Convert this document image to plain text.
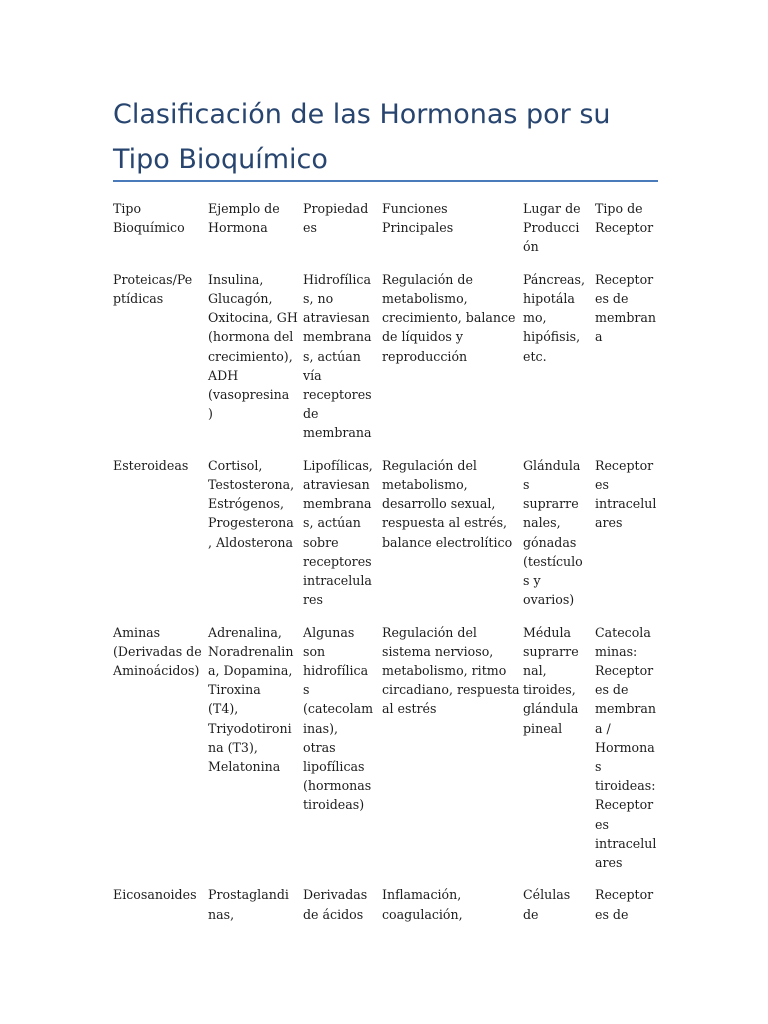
Clasificación de las Hormonas por su
Tipo Bioquímico
Tipo
Bioquímico
Ejemplo de
Hormona
Propiedad
es
Funciones
Principales
Lugar de
Producci
ón
Tipo de
Receptor
Proteicas/Pe
ptídicas
Insulina,
Glucagón,
Oxitocina, GH
(hormona del
crecimiento),
ADH
(vasopresina
)
Hidrofílica
s, no
atraviesan
membrana
s, actúan
vía
receptores
de
membrana
Regulación de
metabolismo,
crecimiento, balance
de líquidos y
reproducción
Páncreas,
hipotála
mo,
hipófisis,
etc.
Receptor
es de
membran
a
Esteroideas Cortisol,
Testosterona,
Estrógenos,
Progesterona
, Aldosterona
Lipofílicas,
atraviesan
membrana
s, actúan
sobre
receptores
intracelula
res
Regulación del
metabolismo,
desarrollo sexual,
respuesta al estrés,
balance electrolítico
Glándula
s
suprarre
nales,
gónadas
(testículo
s y
ovarios)
Receptor
es
intracelul
ares
Aminas
(Derivadas de
Aminoácidos)
Adrenalina,
Noradrenalin
a, Dopamina,
Tiroxina
(T4),
Triyodotironi
na (T3),
Melatonina
Algunas
son
hidrofílica
s
(catecolam
inas),
otras
lipofílicas
(hormonas
tiroideas)
Regulación del
sistema nervioso,
metabolismo, ritmo
circadiano, respuesta
al estrés
Médula
suprarre
nal,
tiroides,
glándula
pineal
Catecola
minas:
Receptor
es de
membran
a /
Hormona
s
tiroideas:
Receptor
es
intracelul
ares
Eicosanoides Prostaglandi
nas,
Derivadas
de ácidos
Inflamación,
coagulación,
Células
de
Receptor
es de
